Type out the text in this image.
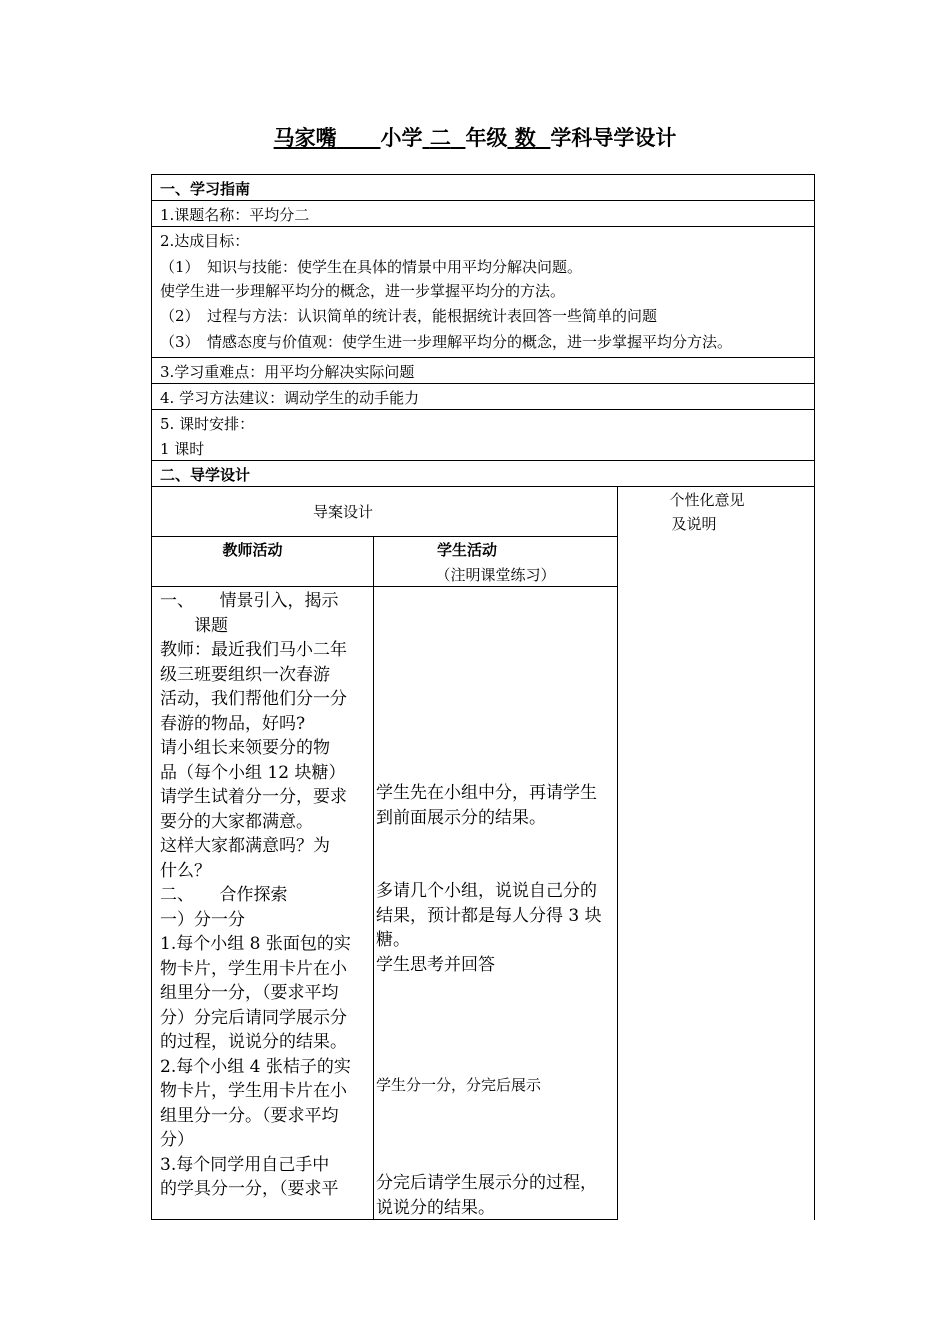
马家嘴 小学 二 年级 数 学科导学设计
一、学习指南
1.课题名称：平均分二
2.达成目标：
（1）　知识与技能：使学生在具体的情景中用平均分解决问题。
使学生进一步理解平均分的概念，进一步掌握平均分的方法。
（2）　过程与方法：认识简单的统计表，能根据统计表回答一些简单的问题
（3）　情感态度与价值观：使学生进一步理解平均分的概念，进一步掌握平均分方法。
3.学习重难点：用平均分解决实际问题
4. 学习方法建议：调动学生的动手能力
5. 课时安排：
1 课时
二、导学设计
导案设计
个性化意见
及说明
教师活动	学生活动
（注明课堂练习）
一、　　情景引入，揭示
　　课题
教师：最近我们马小二年
级三班要组织一次春游
活动，我们帮他们分一分
春游的物品，好吗?
请小组长来领要分的物
品（每个小组 12 块糖）
请学生试着分一分，要求
要分的大家都满意。
这样大家都满意吗？为
什么？
二、　　合作探索
一）分一分
1.每个小组 8 张面包的实
物卡片，学生用卡片在小
组里分一分，（要求平均
分）分完后请同学展示分
的过程，说说分的结果。
2.每个小组 4 张桔子的实
物卡片，学生用卡片在小
组里分一分。（要求平均
分）
3.每个同学用自己手中
的学具分一分，（要求平
学生先在小组中分，再请学生
到前面展示分的结果。
多请几个小组，说说自己分的
结果，预计都是每人分得 3 块
糖。
学生思考并回答
学生分一分，分完后展示
分完后请学生展示分的过程，
说说分的结果。
